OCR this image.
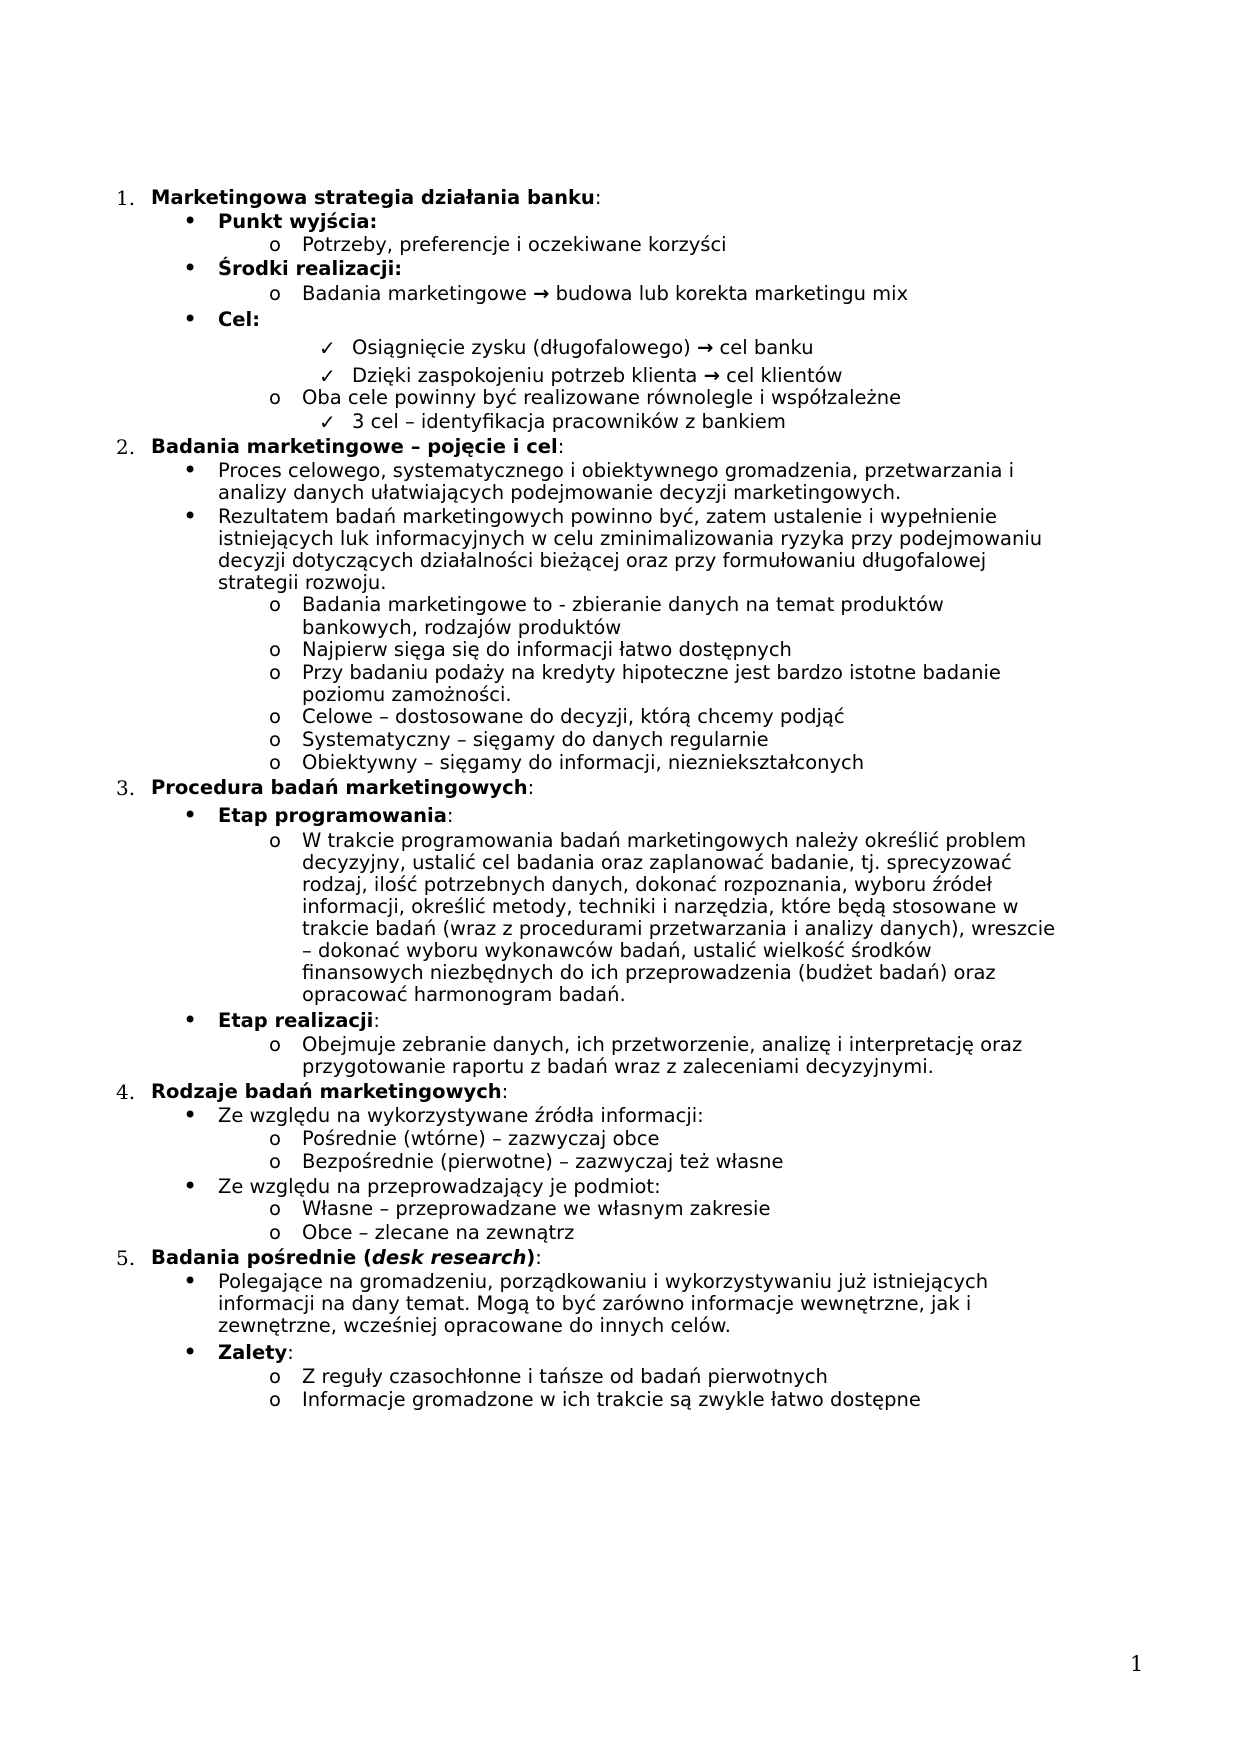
1. Marketingowa strategia działania banku:
• Punkt wyjścia:
o Potrzeby, preferencje i oczekiwane korzyści
• Środki realizacji:
o Badania marketingowe → budowa lub korekta marketingu mix
• Cel:
✓ Osiągnięcie zysku (długofalowego) → cel banku
✓ Dzięki zaspokojeniu potrzeb klienta → cel klientów
o Oba cele powinny być realizowane równolegle i współzależne
✓ 3 cel – identyfikacja pracowników z bankiem
2. Badania marketingowe – pojęcie i cel:
• Proces celowego, systematycznego i obiektywnego gromadzenia, przetwarzania i
analizy danych ułatwiających podejmowanie decyzji marketingowych.
• Rezultatem badań marketingowych powinno być, zatem ustalenie i wypełnienie
istniejących luk informacyjnych w celu zminimalizowania ryzyka przy podejmowaniu
decyzji dotyczących działalności bieżącej oraz przy formułowaniu długofalowej
strategii rozwoju.
o Badania marketingowe to - zbieranie danych na temat produktów
bankowych, rodzajów produktów
o Najpierw sięga się do informacji łatwo dostępnych
o Przy badaniu podaży na kredyty hipoteczne jest bardzo istotne badanie
poziomu zamożności.
o Celowe – dostosowane do decyzji, którą chcemy podjąć
o Systematyczny – sięgamy do danych regularnie
o Obiektywny – sięgamy do informacji, niezniekształconych
3. Procedura badań marketingowych:
• Etap programowania:
o W trakcie programowania badań marketingowych należy określić problem
decyzyjny, ustalić cel badania oraz zaplanować badanie, tj. sprecyzować
rodzaj, ilość potrzebnych danych, dokonać rozpoznania, wyboru źródeł
informacji, określić metody, techniki i narzędzia, które będą stosowane w
trakcie badań (wraz z procedurami przetwarzania i analizy danych), wreszcie
– dokonać wyboru wykonawców badań, ustalić wielkość środków
finansowych niezbędnych do ich przeprowadzenia (budżet badań) oraz
opracować harmonogram badań.
• Etap realizacji:
o Obejmuje zebranie danych, ich przetworzenie, analizę i interpretację oraz
przygotowanie raportu z badań wraz z zaleceniami decyzyjnymi.
4. Rodzaje badań marketingowych:
• Ze względu na wykorzystywane źródła informacji:
o Pośrednie (wtórne) – zazwyczaj obce
o Bezpośrednie (pierwotne) – zazwyczaj też własne
• Ze względu na przeprowadzający je podmiot:
o Własne – przeprowadzane we własnym zakresie
o Obce – zlecane na zewnątrz
5. Badania pośrednie (desk research):
• Polegające na gromadzeniu, porządkowaniu i wykorzystywaniu już istniejących
informacji na dany temat. Mogą to być zarówno informacje wewnętrzne, jak i
zewnętrzne, wcześniej opracowane do innych celów.
• Zalety:
o Z reguły czasochłonne i tańsze od badań pierwotnych
o Informacje gromadzone w ich trakcie są zwykle łatwo dostępne
1
